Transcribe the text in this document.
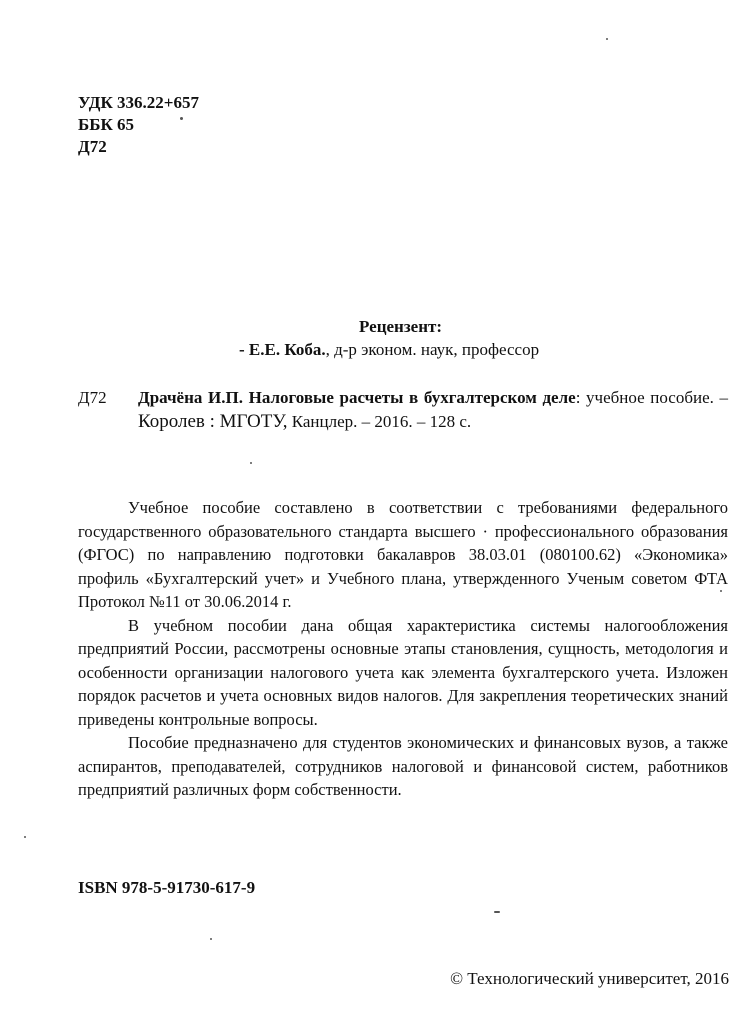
УДК 336.22+657
ББК 65
Д72
Рецензент:
- Е.Е. Коба., д-р эконом. наук, профессор
Д72 Драчёна И.П. Налоговые расчеты в бухгалтерском деле: учебное пособие. – Королев : МГОТУ, Канцлер. – 2016. – 128 с.

Учебное пособие составлено в соответствии с требованиями федерального государственного образовательного стандарта высшего · профессионального образования (ФГОС) по направлению подготовки бакалавров 38.03.01 (080100.62) «Экономика» профиль «Бухгалтерский учет» и Учебного плана, утвержденного Ученым советом ФТА Протокол №11 от 30.06.2014 г.

В учебном пособии дана общая характеристика системы налогообложения предприятий России, рассмотрены основные этапы становления, сущность, методология и особенности организации налогового учета как элемента бухгалтерского учета. Изложен порядок расчетов и учета основных видов налогов. Для закрепления теоретических знаний приведены контрольные вопросы.

Пособие предназначено для студентов экономических и финансовых вузов, а также аспирантов, преподавателей, сотрудников налоговой и финансовой систем, работников предприятий различных форм собственности.

ISBN 978-5-91730-617-9
© Технологический университет, 2016
